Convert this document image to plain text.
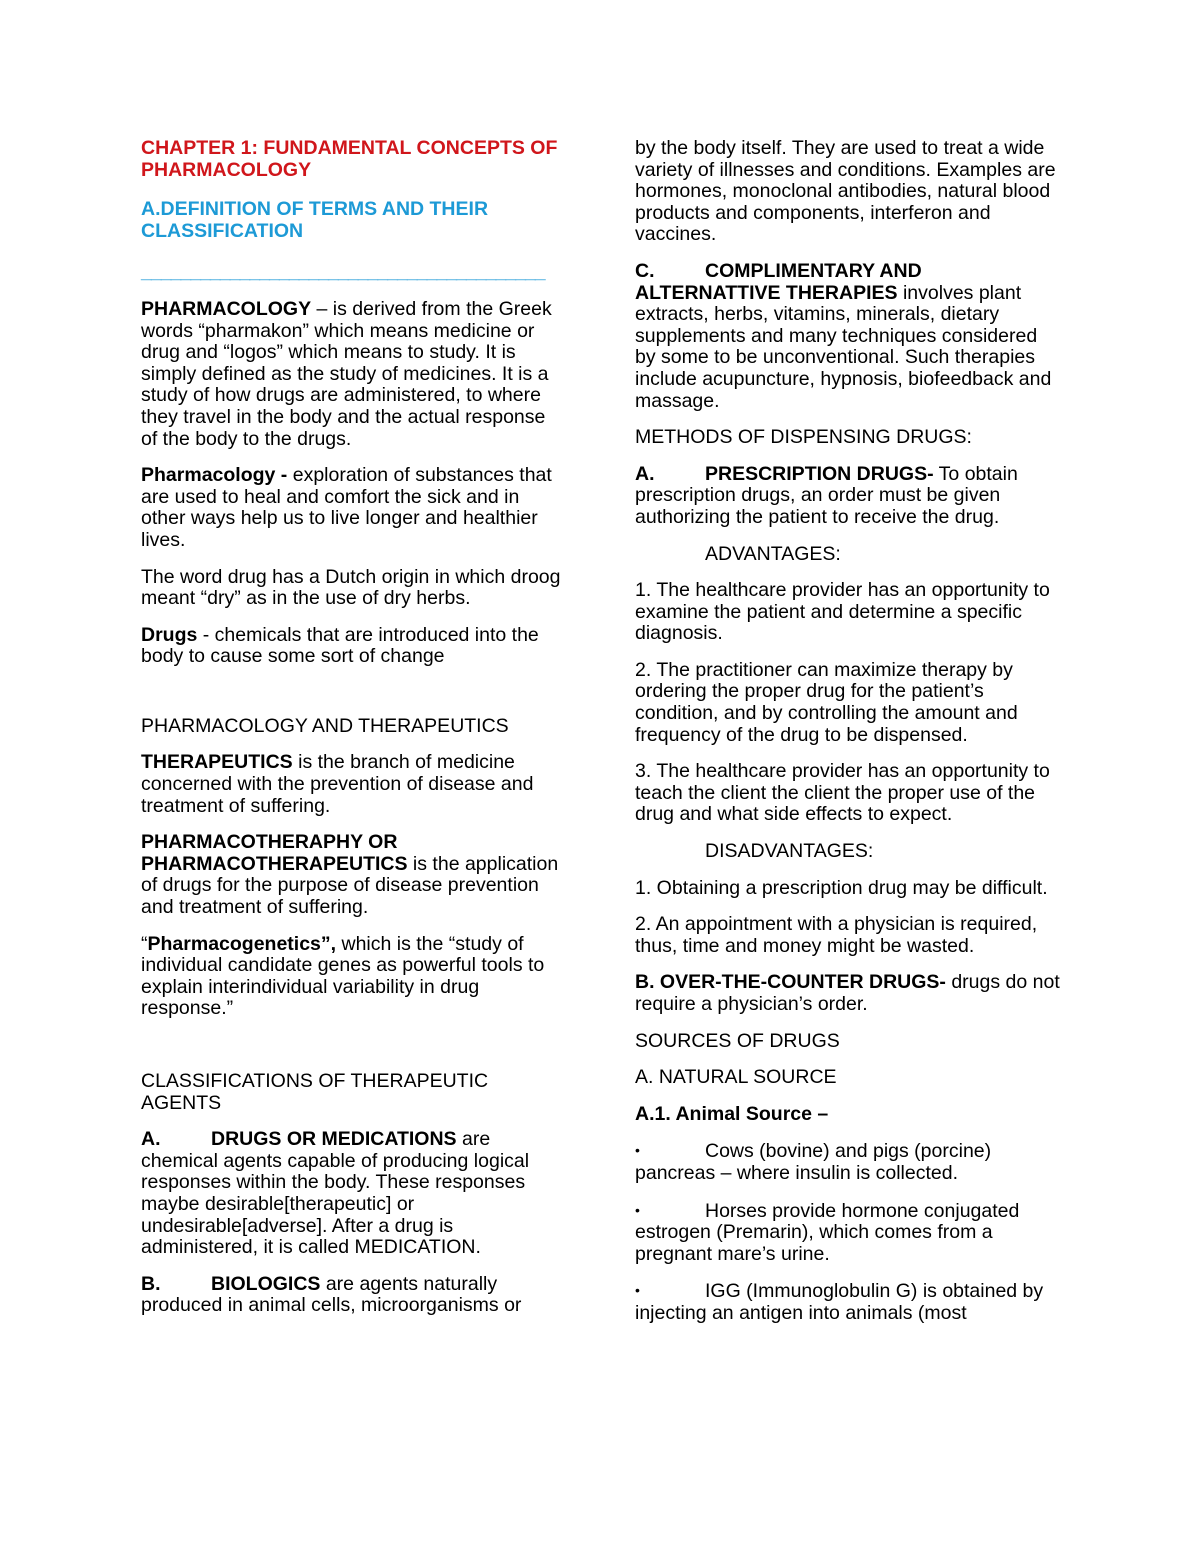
CHAPTER 1: FUNDAMENTAL CONCEPTS OF PHARMACOLOGY

A.DEFINITION OF TERMS AND THEIR CLASSIFICATION

_________________________________________

PHARMACOLOGY – is derived from the Greek words “pharmakon” which means medicine or drug and “logos” which means to study. It is simply defined as the study of medicines. It is a study of how drugs are administered, to where they travel in the body and the actual response of the body to the drugs.

Pharmacology - exploration of substances that are used to heal and comfort the sick and in other ways help us to live longer and healthier lives.

The word drug has a Dutch origin in which droog meant “dry” as in the use of dry herbs.

Drugs - chemicals that are introduced into the body to cause some sort of change

PHARMACOLOGY AND THERAPEUTICS

THERAPEUTICS is the branch of medicine concerned with the prevention of disease and treatment of suffering.

PHARMACOTHERAPHY OR PHARMACOTHERAPEUTICS is the application of drugs for the purpose of disease prevention and treatment of suffering.

“Pharmacogenetics”, which is the “study of individual candidate genes as powerful tools to explain interindividual variability in drug response.”

CLASSIFICATIONS OF THERAPEUTIC AGENTS

A.	DRUGS OR MEDICATIONS are chemical agents capable of producing logical responses within the body. These responses maybe desirable[therapeutic] or undesirable[adverse]. After a drug is administered, it is called MEDICATION.

B.	BIOLOGICS are agents naturally produced in animal cells, microorganisms or

by the body itself. They are used to treat a wide variety of illnesses and conditions. Examples are hormones, monoclonal antibodies, natural blood products and components, interferon and vaccines.

C.	COMPLIMENTARY AND ALTERNATTIVE THERAPIES involves plant extracts, herbs, vitamins, minerals, dietary supplements and many techniques considered by some to be unconventional. Such therapies include acupuncture, hypnosis, biofeedback and massage.

METHODS OF DISPENSING DRUGS:

A.	PRESCRIPTION DRUGS- To obtain prescription drugs, an order must be given authorizing the patient to receive the drug.

ADVANTAGES:

1. The healthcare provider has an opportunity to examine the patient and determine a specific diagnosis.

2. The practitioner can maximize therapy by ordering the proper drug for the patient’s condition, and by controlling the amount and frequency of the drug to be dispensed.

3. The healthcare provider has an opportunity to teach the client the client the proper use of the drug and what side effects to expect.

DISADVANTAGES:

1. Obtaining a prescription drug may be difficult.

2. An appointment with a physician is required, thus, time and money might be wasted.

B. OVER-THE-COUNTER DRUGS- drugs do not require a physician’s order.

SOURCES OF DRUGS

A. NATURAL SOURCE

A.1. Animal Source –

•	Cows (bovine) and pigs (porcine) pancreas – where insulin is collected.

•	Horses provide hormone conjugated estrogen (Premarin), which comes from a pregnant mare’s urine.

•	IGG (Immunoglobulin G) is obtained by injecting an antigen into animals (most
